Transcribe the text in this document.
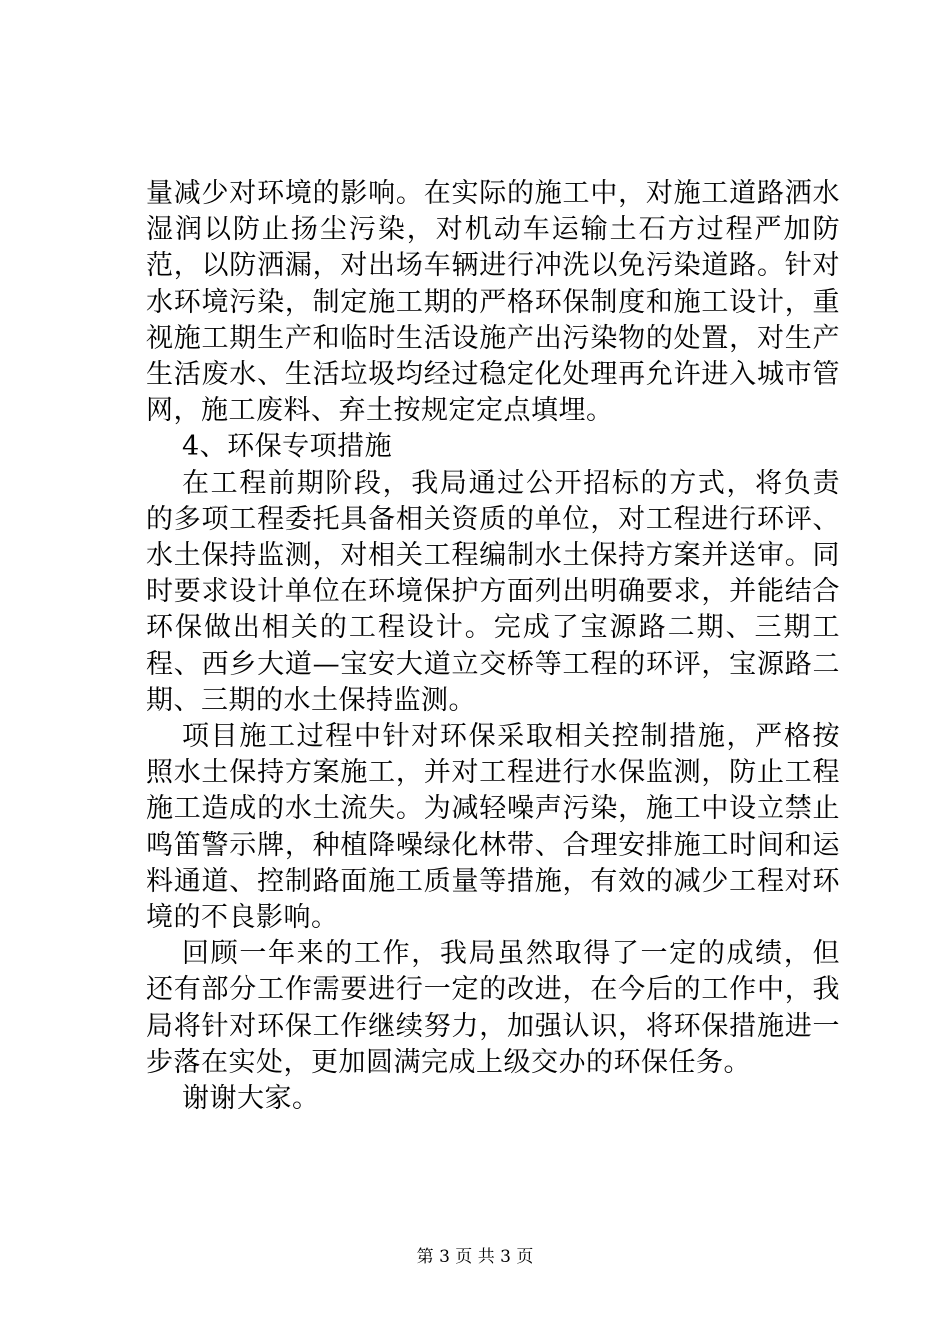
量减少对环境的影响。在实际的施工中，对施工道路洒水湿润以防止扬尘污染，对机动车运输土石方过程严加防范，以防洒漏，对出场车辆进行冲洗以免污染道路。针对水环境污染，制定施工期的严格环保制度和施工设计，重视施工期生产和临时生活设施产出污染物的处置，对生产生活废水、生活垃圾均经过稳定化处理再允许进入城市管网，施工废料、弃土按规定定点填埋。

4、环保专项措施

在工程前期阶段，我局通过公开招标的方式，将负责的多项工程委托具备相关资质的单位，对工程进行环评、水土保持监测，对相关工程编制水土保持方案并送审。同时要求设计单位在环境保护方面列出明确要求，并能结合环保做出相关的工程设计。完成了宝源路二期、三期工程、西乡大道—宝安大道立交桥等工程的环评，宝源路二期、三期的水土保持监测。

项目施工过程中针对环保采取相关控制措施，严格按照水土保持方案施工，并对工程进行水保监测，防止工程施工造成的水土流失。为减轻噪声污染，施工中设立禁止鸣笛警示牌，种植降噪绿化林带、合理安排施工时间和运料通道、控制路面施工质量等措施，有效的减少工程对环境的不良影响。

回顾一年来的工作，我局虽然取得了一定的成绩，但还有部分工作需要进行一定的改进，在今后的工作中，我局将针对环保工作继续努力，加强认识，将环保措施进一步落在实处，更加圆满完成上级交办的环保任务。

谢谢大家。

第 3 页 共 3 页
